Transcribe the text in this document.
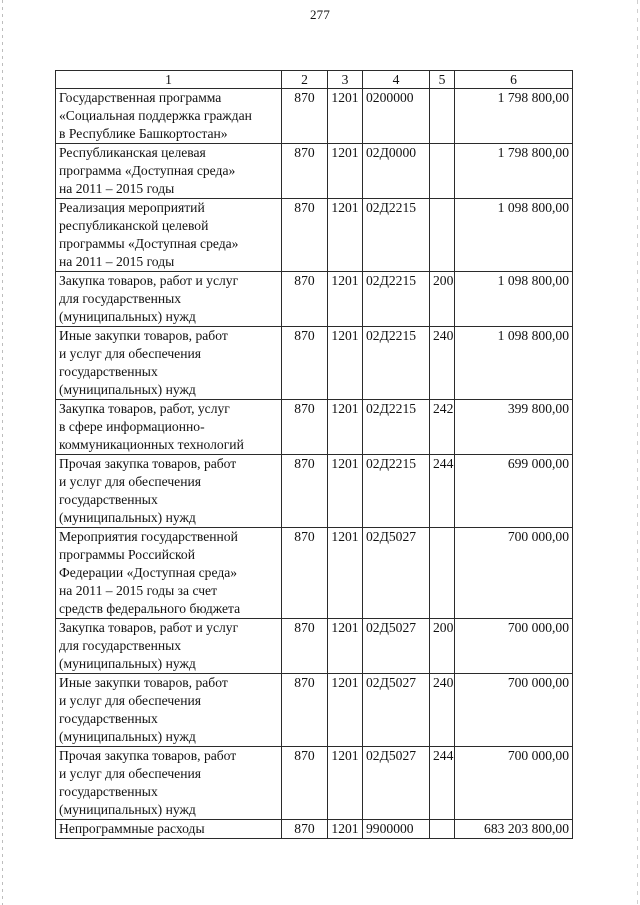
277
1	2	3	4	5	6

Государственная программа
«Социальная поддержка граждан
в Республике Башкортостан»	870	1201	0200000		1 798 800,00

Республиканская целевая
программа «Доступная среда»
на 2011 – 2015 годы	870	1201	02Д0000		1 798 800,00

Реализация мероприятий
республиканской целевой
программы «Доступная среда»
на 2011 – 2015 годы	870	1201	02Д2215		1 098 800,00

Закупка товаров, работ и услуг
для государственных
(муниципальных) нужд	870	1201	02Д2215	200	1 098 800,00

Иные закупки товаров, работ
и услуг для обеспечения
государственных
(муниципальных) нужд	870	1201	02Д2215	240	1 098 800,00

Закупка товаров, работ, услуг
в сфере информационно-
коммуникационных технологий	870	1201	02Д2215	242	399 800,00

Прочая закупка товаров, работ
и услуг для обеспечения
государственных
(муниципальных) нужд	870	1201	02Д2215	244	699 000,00

Мероприятия государственной
программы Российской
Федерации «Доступная среда»
на 2011 – 2015 годы за счет
средств федерального бюджета	870	1201	02Д5027		700 000,00

Закупка товаров, работ и услуг
для государственных
(муниципальных) нужд	870	1201	02Д5027	200	700 000,00

Иные закупки товаров, работ
и услуг для обеспечения
государственных
(муниципальных) нужд	870	1201	02Д5027	240	700 000,00

Прочая закупка товаров, работ
и услуг для обеспечения
государственных
(муниципальных) нужд	870	1201	02Д5027	244	700 000,00

Непрограммные расходы	870	1201	9900000		683 203 800,00
